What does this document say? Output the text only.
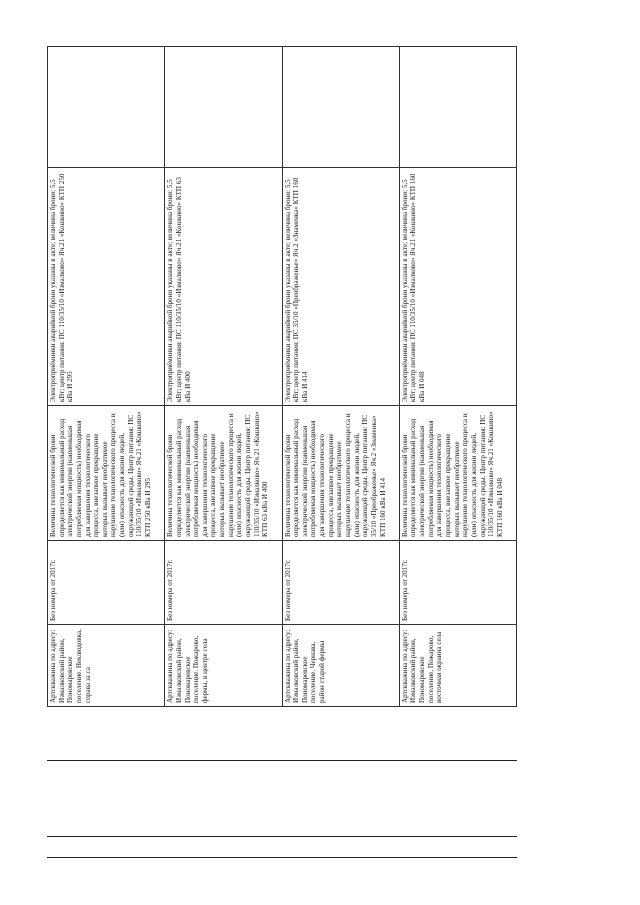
Артскважина по адресу: Измалковский район, Пономаревское поселение. Неклюдовка, справа за са	Без номера от 2017г.	Величина технологической брони определяется как минимальный расход электрической энергии (наименьшая потребляемая мощность) необходимая для завершения технологического процесса, внезапное прекращение которых вызывает необратимое нарушение технологического процесса и (или) опасность для жизни людей, окружающей среды. Центр питания: ПС 110/35/10 «Измалково» Яч.21 «Кошкино» КТП 250 кВа И 295	Электроприёмники аварийной брони указаны в акте; величина брони: 5,5 кВт; центр питания: ПС 110/35/10 «Измалково» Яч.21 «Кошкино» КТП 250 кВа И 295	
Артскважина по адресу: Измалковский район, Пономаревское поселение. Пожарово, фермы, в центре села	Без номера от 2017г.	Величина технологической брони определяется как минимальный расход электрической энергии (наименьшая потребляемая мощность) необходимая для завершения технологического процесса, внезапное прекращение которых вызывает необратимое нарушение технологического процесса и (или) опасность для жизни людей, окружающей среды. Центр питания: ПС 110/35/10 «Измалково» Яч.21 «Кошкино» КТП 63 кВа И 400	Электроприёмники аварийной брони указаны в акте; величина брони: 5,5 кВт; центр питания: ПС 110/35/10 «Измалково» Яч.21 «Кошкино» КТП 63 кВа И 400	
Артскважина по адресу: Измалковский район, Пономаревское поселение. Чернава, район старой фермы	Без номера от 2017г.	Величина технологической брони определяется как минимальный расход электрической энергии (наименьшая потребляемая мощность) необходимая для завершения технологического процесса, внезапное прекращение которых вызывает необратимое нарушение технологического процесса и (или) опасность для жизни людей, окружающей среды. Центр питания: ПС 35/10 «Преображенье» Яч.2 «Знаменка» КТП 160 кВа И 414	Электроприёмники аварийной брони указаны в акте; величина брони: 5,5 кВт; центр питания: ПС 35/10 «Преображенье» Яч.2 «Знаменка» КТП 160 кВа И 414	
Артскважина по адресу: Измалковский район, Пономаревское поселение, Пожарово, восточная окраина села	Без номера от 2017г.	Величина технологической брони определяется как минимальный расход электрической энергии (наименьшая потребляемая мощность) необходимая для завершения технологического процесса, внезапное прекращение которых вызывает необратимое нарушение технологического процесса и (или) опасность для жизни людей, окружающей среды. Центр питания: ПС 110/35/10 «Измалково» Яч.21 «Кошкино» КТП 160 кВа И 048	Электроприёмники аварийной брони указаны в акте; величина брони: 5,5 кВт; центр питания: ПС 110/35/10 «Измалково» Яч.21 «Кошкино» КТП 160 кВа И 048	
